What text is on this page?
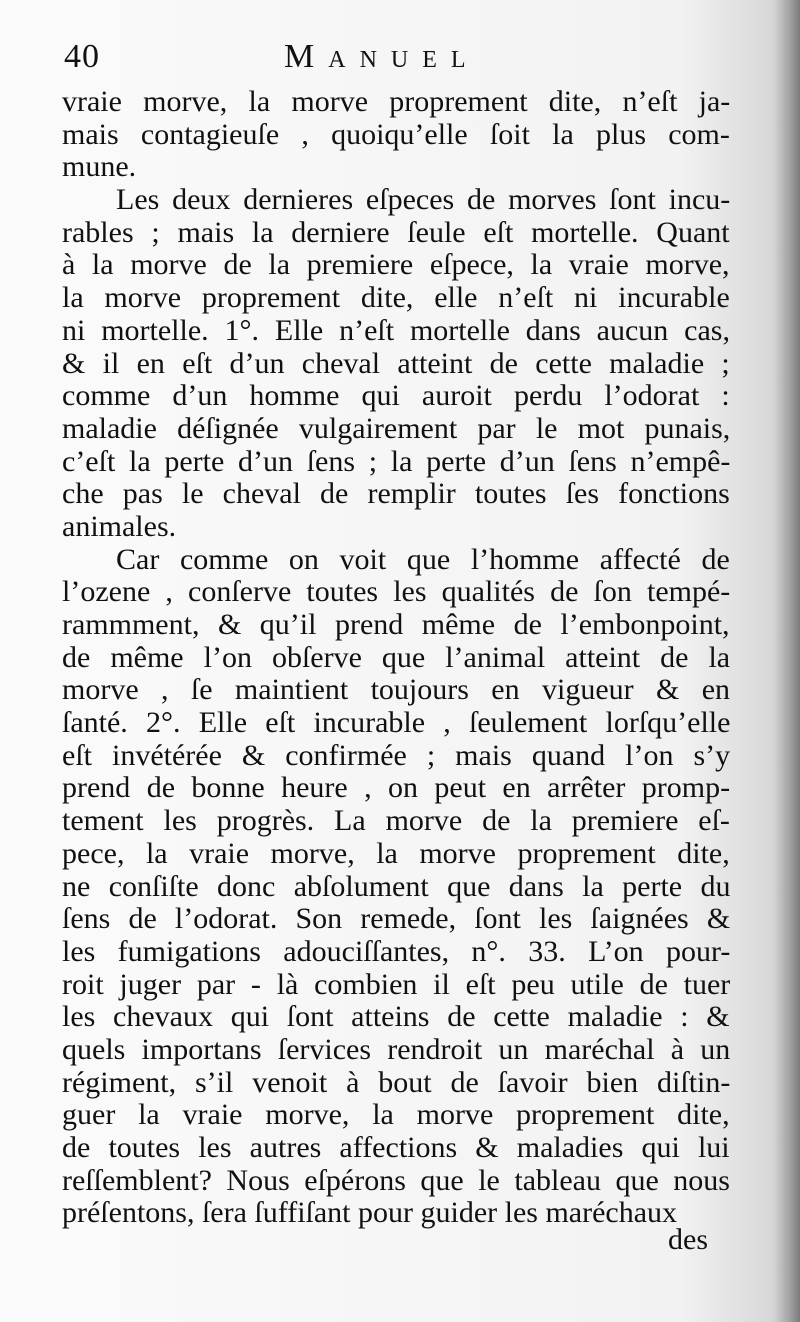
40	Manuel
vraie morve, la morve proprement dite, n’eſt ja-
mais contagieuſe , quoiqu’elle ſoit la plus com-
mune.
Les deux dernieres eſpeces de morves ſont incu-
rables ; mais la derniere ſeule eſt mortelle. Quant
à la morve de la premiere eſpece, la vraie morve,
la morve proprement dite, elle n’eſt ni incurable
ni mortelle. 1°. Elle n’eſt mortelle dans aucun cas,
& il en eſt d’un cheval atteint de cette maladie ;
comme d’un homme qui auroit perdu l’odorat :
maladie déſignée vulgairement par le mot punais,
c’eſt la perte d’un ſens ; la perte d’un ſens n’empê-
che pas le cheval de remplir toutes ſes fonctions
animales.
Car comme on voit que l’homme affecté de
l’ozene , conſerve toutes les qualités de ſon tempé-
rammment, & qu’il prend même de l’embonpoint,
de même l’on obſerve que l’animal atteint de la
morve , ſe maintient toujours en vigueur & en
ſanté. 2°. Elle eſt incurable , ſeulement lorſqu’elle
eſt invétérée & confirmée ; mais quand l’on s’y
prend de bonne heure , on peut en arrêter promp-
tement les progrès. La morve de la premiere eſ-
pece, la vraie morve, la morve proprement dite,
ne conſiſte donc abſolument que dans la perte du
ſens de l’odorat. Son remede, ſont les ſaignées &
les fumigations adouciſſantes, n°. 33. L’on pour-
roit juger par - là combien il eſt peu utile de tuer
les chevaux qui ſont atteins de cette maladie : &
quels importans ſervices rendroit un maréchal à un
régiment, s’il venoit à bout de ſavoir bien diſtin-
guer la vraie morve, la morve proprement dite,
de toutes les autres affections & maladies qui lui
reſſemblent? Nous eſpérons que le tableau que nous
préſentons, ſera ſuffiſant pour guider les maréchaux
des
